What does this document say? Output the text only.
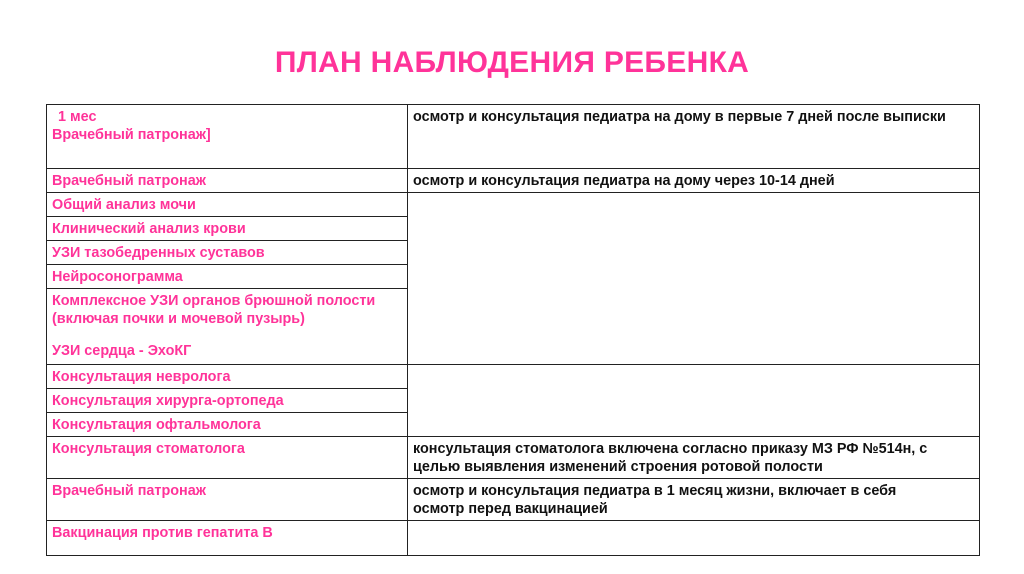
ПЛАН НАБЛЮДЕНИЯ РЕБЕНКА
1 мес
Врачебный патронаж]	осмотр и консультация педиатра на дому в первые 7 дней после выписки
Врачебный патронаж	осмотр и консультация педиатра на дому через 10-14 дней
Общий анализ мочи	
Клинический анализ крови	
УЗИ тазобедренных суставов	
Нейросонограмма	

Комплексное УЗИ органов брюшной полости
(включая почки и мочевой пузырь)
УЗИ сердца - ЭхоКГ	

Консультация невролога	
Консультация хирурга-ортопеда	
Консультация офтальмолога	
Консультация стоматолога	консультация стоматолога включена согласно приказу МЗ РФ №514н, с
целью выявления изменений строения ротовой полости

Врачебный патронаж	осмотр и консультация педиатра в 1 месяц жизни, включает в себя
осмотр перед вакцинацией

Вакцинация против гепатита В	
